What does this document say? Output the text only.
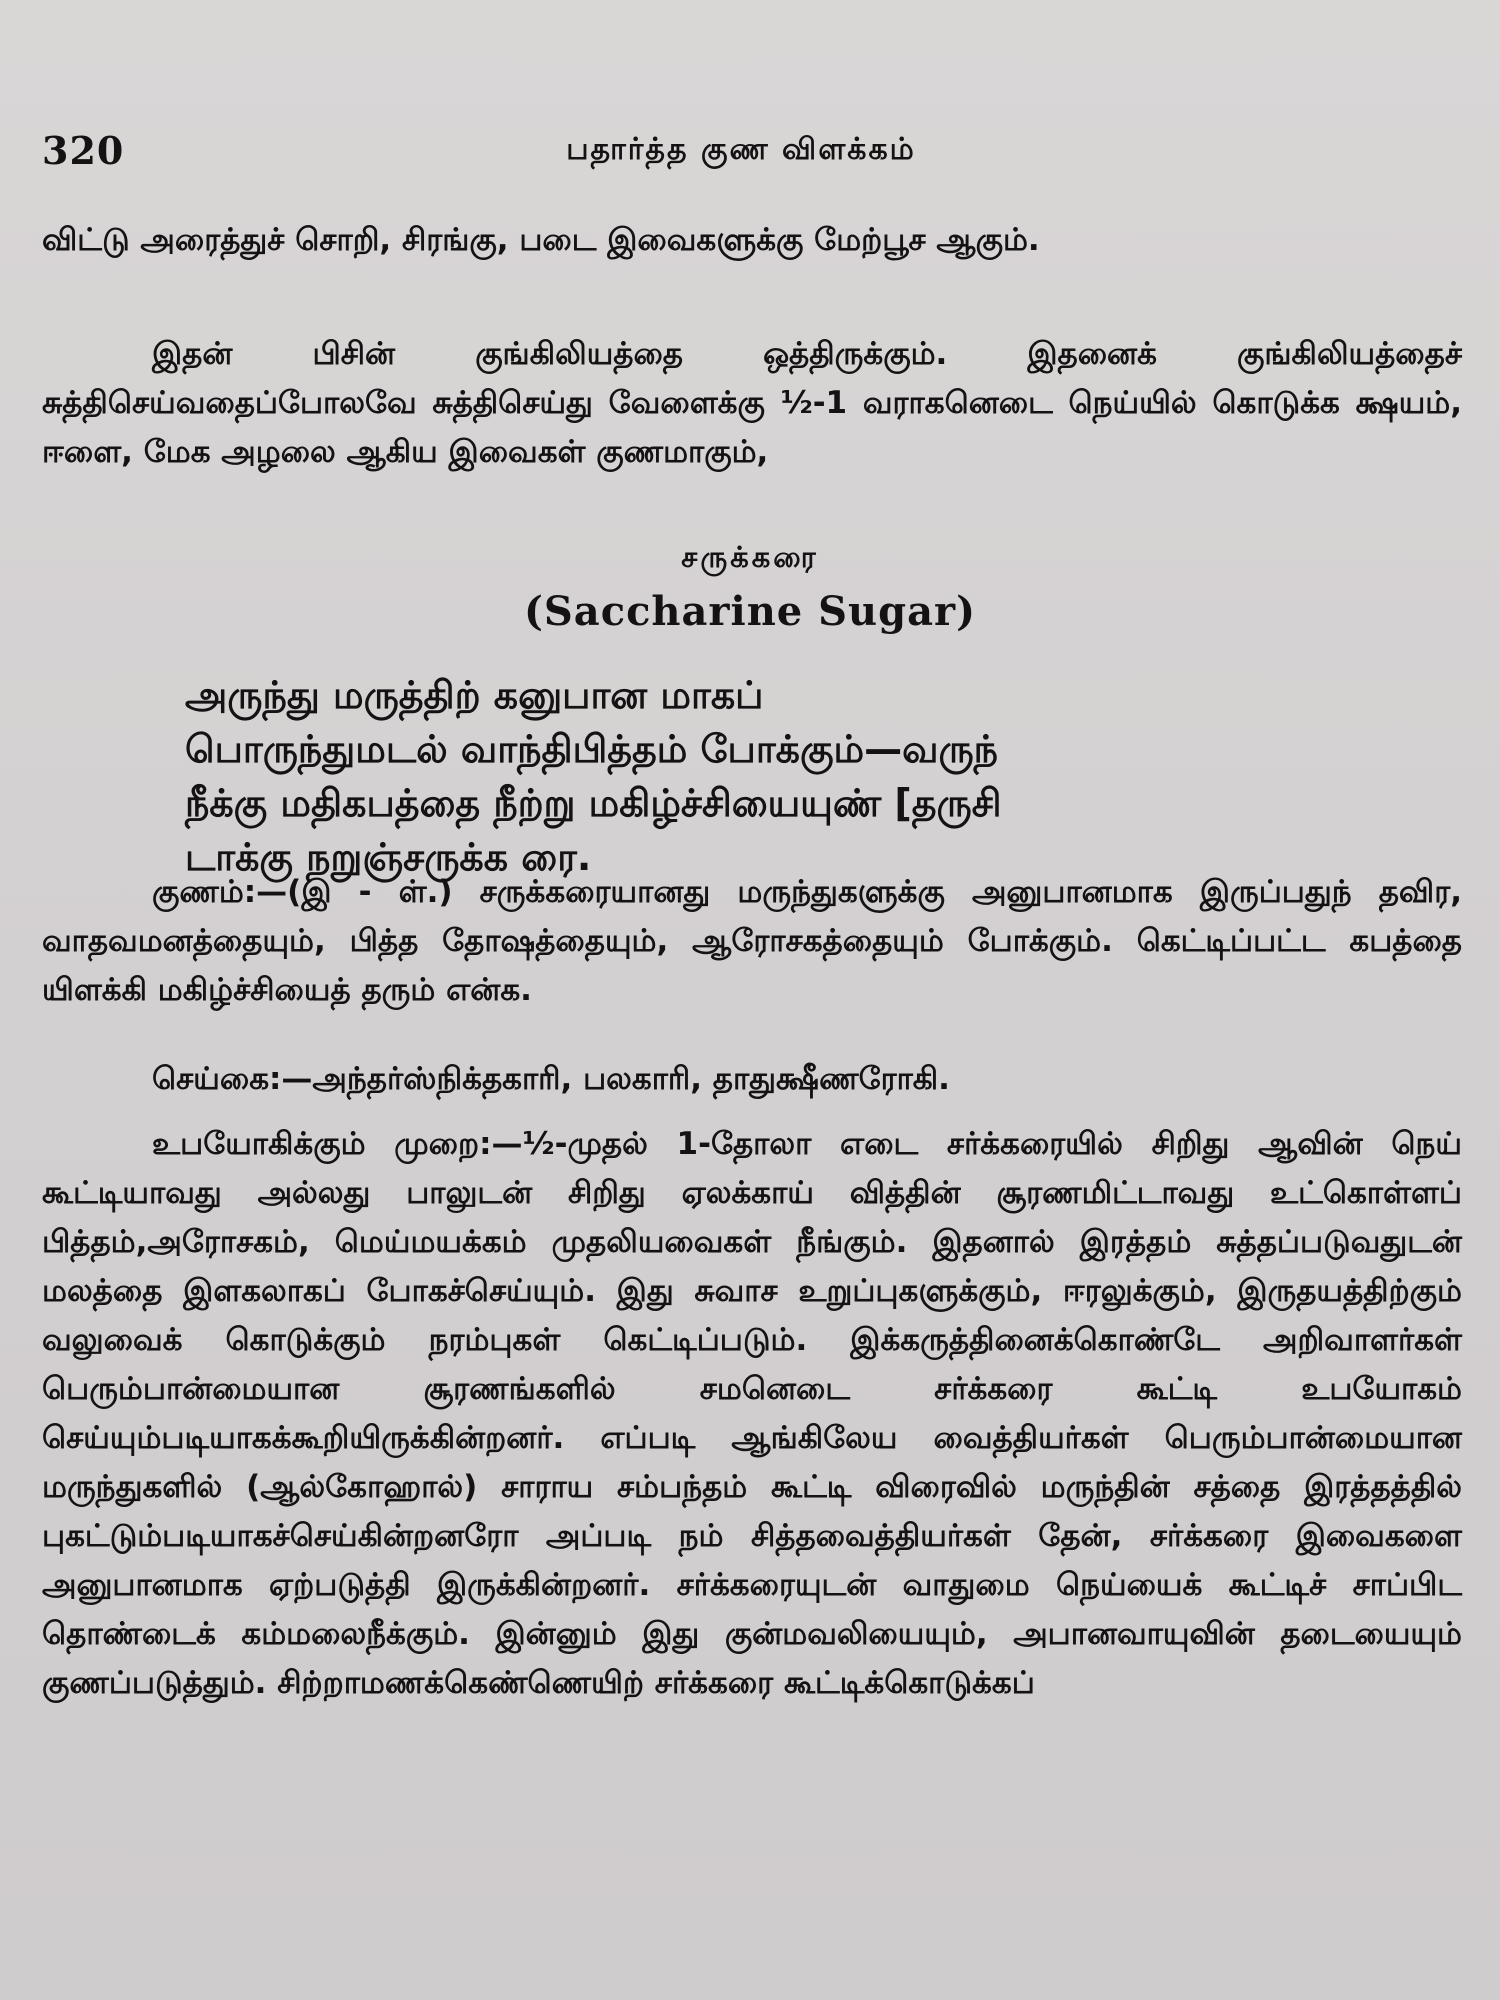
320	பதார்த்த குண விளக்கம்

விட்டு அரைத்துச் சொறி, சிரங்கு, படை இவைகளுக்கு மேற்பூச ஆகும்.

இதன் பிசின் குங்கிலியத்தை ஒத்திருக்கும். இதனைக் குங்கிலியத்தைச் சுத்திசெய்வதைப்போலவே சுத்திசெய்து வேளைக்கு ½-1 வராகனெடை நெய்யில் கொடுக்க க்ஷயம், ஈளை, மேக அழலை ஆகிய இவைகள் குணமாகும்,

சருக்கரை
(Saccharine Sugar)
அருந்து மருத்திற் கனுபான மாகப்
பொருந்துமடல் வாந்திபித்தம் போக்கும்—வருந்
நீக்கு மதிகபத்தை நீற்று மகிழ்ச்சியையுண் [தருசி
டாக்கு நறுஞ்சருக்க ரை.

குணம்:—(இ - ள்.) சருக்கரையானது மருந்துகளுக்கு அனுபானமாக இருப்பதுந் தவிர, வாதவமனத்தையும், பித்த தோஷத்தையும், ஆரோசகத்தையும் போக்கும். கெட்டிப்பட்ட கபத்தை யிளக்கி மகிழ்ச்சியைத் தரும் என்க.

செய்கை:—அந்தர்ஸ்நிக்தகாரி, பலகாரி, தாதுக்ஷீணரோகி.

உபயோகிக்கும் முறை:—½-முதல் 1-தோலா எடை சர்க்கரையில் சிறிது ஆவின் நெய் கூட்டியாவது அல்லது பாலுடன் சிறிது ஏலக்காய் வித்தின் சூரணமிட்டாவது உட்கொள்ளப் பித்தம்,அரோசகம், மெய்மயக்கம் முதலியவைகள் நீங்கும். இதனால் இரத்தம் சுத்தப்படுவதுடன் மலத்தை இளகலாகப் போகச்செய்யும். இது சுவாச உறுப்புகளுக்கும், ஈரலுக்கும், இருதயத்திற்கும் வலுவைக் கொடுக்கும் நரம்புகள் கெட்டிப்படும். இக்கருத்தினைக்கொண்டே அறிவாளர்கள் பெரும்பான்மையான சூரணங்களில் சமனெடை சர்க்கரை கூட்டி உபயோகம் செய்யும்படியாகக்கூறியிருக்கின்றனர். எப்படி ஆங்கிலேய வைத்தியர்கள் பெரும்பான்மையான மருந்துகளில் (ஆல்கோஹால்) சாராய சம்பந்தம் கூட்டி விரைவில் மருந்தின் சத்தை இரத்தத்தில் புகட்டும்படியாகச்செய்கின்றனரோ அப்படி நம் சித்தவைத்தியர்கள் தேன், சர்க்கரை இவைகளை அனுபானமாக ஏற்படுத்தி இருக்கின்றனர். சர்க்கரையுடன் வாதுமை நெய்யைக் கூட்டிச் சாப்பிட தொண்டைக் கம்மலைநீக்கும். இன்னும் இது குன்மவலியையும், அபானவாயுவின் தடையையும் குணப்படுத்தும். சிற்றாமணக்கெண்ணெயிற் சர்க்கரை கூட்டிக்கொடுக்கப்
